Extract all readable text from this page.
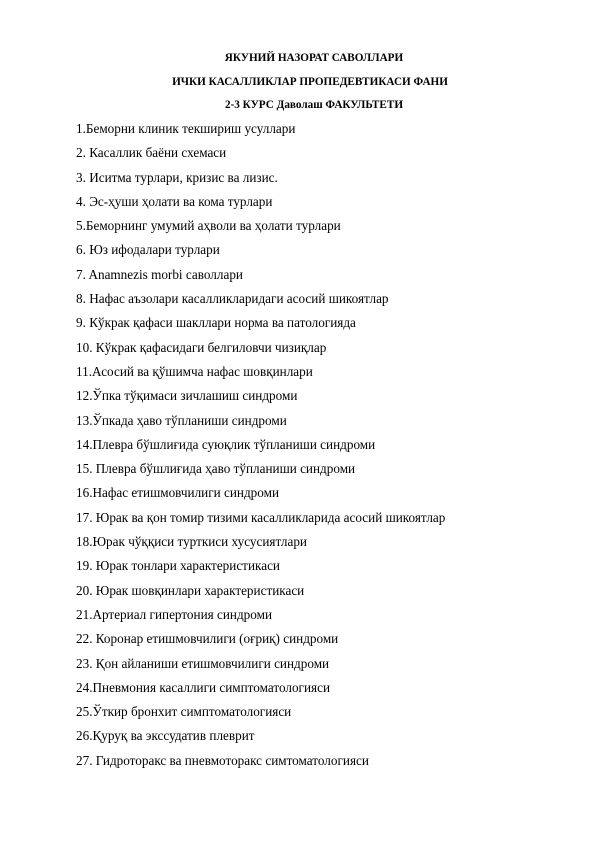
ЯКУНИЙ НАЗОРАТ САВОЛЛАРИ
ИЧКИ КАСАЛЛИКЛАР ПРОПЕДЕВТИКАСИ ФАНИ
2-3 КУРС Даволаш ФАКУЛЬТЕТИ
1.Беморни клиник текшириш усуллари
2. Касаллик баёни схемаси
3. Иситма турлари, кризис ва лизис.
4. Эс-ҳуши ҳолати ва кома турлари
5.Беморнинг умумий аҳволи ва ҳолати турлари
6. Юз ифодалари турлари
7. Anamnezis morbi саволлари
8. Нафас аъзолари касалликларидаги асосий шикоятлар
9. Кўкрак қафаси шакллари норма ва патологияда
10. Кўкрак қафасидаги белгиловчи чизиқлар
11.Асосий ва қўшимча нафас шовқинлари
12.Ўпка тўқимаси зичлашиш синдроми
13.Ўпкада ҳаво тўпланиши синдроми
14.Плевра бўшлиғида суюқлик тўпланиши синдроми
15. Плевра бўшлиғида ҳаво тўпланиши синдроми
16.Нафас етишмовчилиги синдроми
17. Юрак ва қон томир тизими касалликларида асосий шикоятлар
18.Юрак чўққиси турткиси хусусиятлари
19. Юрак тонлари характеристикаси
20. Юрак шовқинлари характеристикаси
21.Артериал гипертония синдроми
22. Коронар етишмовчилиги (оғриқ) синдроми
23. Қон айланиши етишмовчилиги синдроми
24.Пневмония касаллиги симптоматологияси
25.Ўткир бронхит симптоматологияси
26.Қуруқ ва экссудатив плеврит
27. Гидроторакс ва пневмоторакс симтоматологияси
